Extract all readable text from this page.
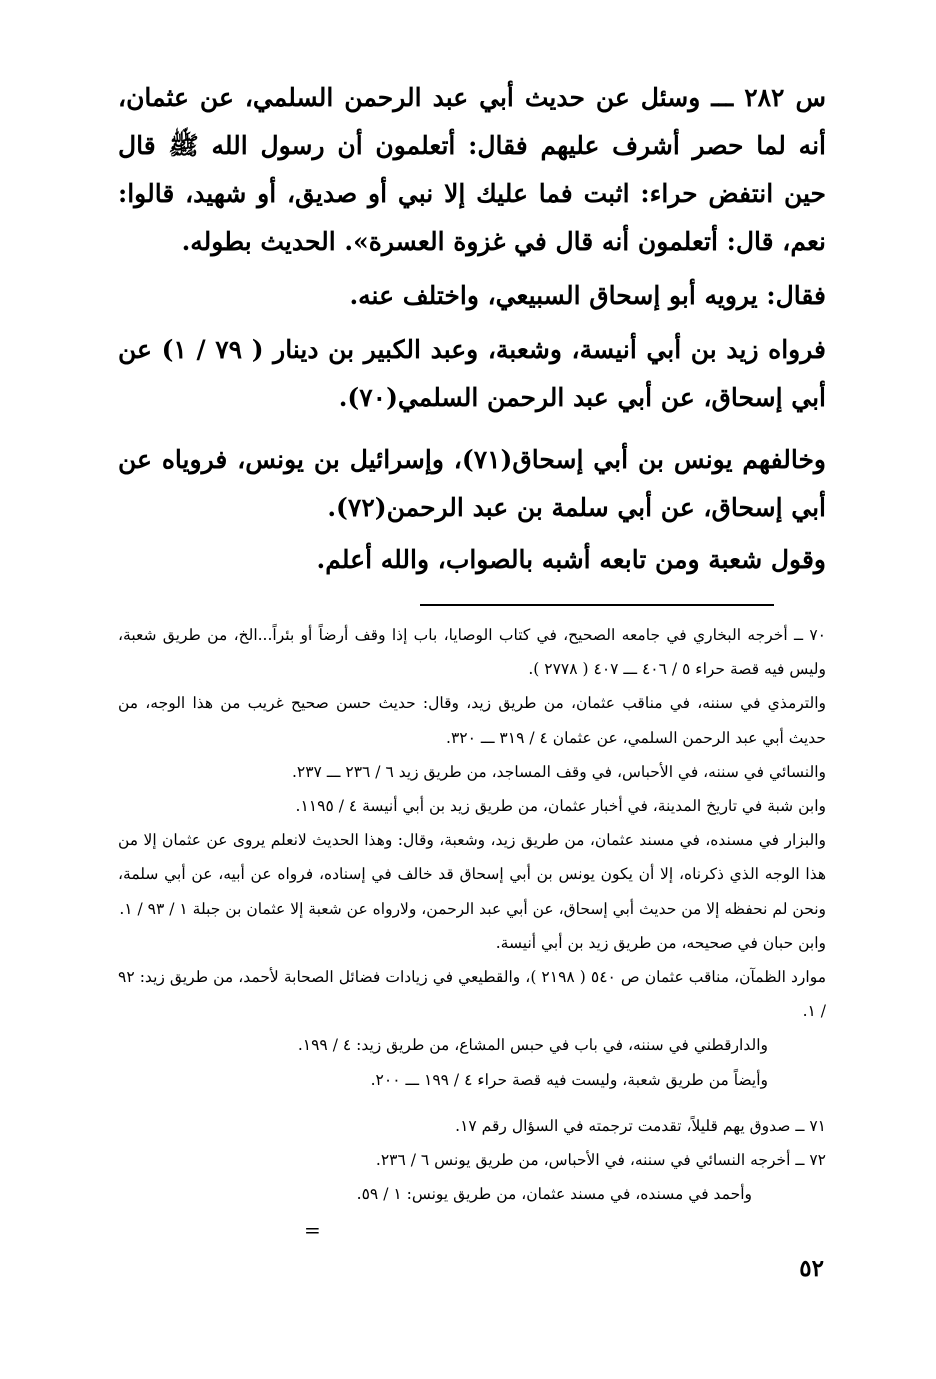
س ٢٨٢ ـــ وسئل عن حديث أبي عبد الرحمن السلمي، عن عثمان، أنه لما حصر أشرف عليهم فقال: أتعلمون أن رسول الله ﷺ قال حين انتفض حراء: اثبت فما عليك إلا نبي أو صديق، أو شهيد، قالوا: نعم، قال: أتعلمون أنه قال في غزوة العسرة». الحديث بطوله.

فقال: يرويه أبو إسحاق السبيعي، واختلف عنه.

فرواه زيد بن أبي أنيسة، وشعبة، وعبد الكبير بن دينار ( ٧٩ / ١) عن أبي إسحاق، عن أبي عبد الرحمن السلمي(٧٠).

وخالفهم يونس بن أبي إسحاق(٧١)، وإسرائيل بن يونس، فروياه عن أبي إسحاق، عن أبي سلمة بن عبد الرحمن(٧٢).

وقول شعبة ومن تابعه أشبه بالصواب، والله أعلم.

٧٠ ــ أخرجه البخاري في جامعه الصحيح، في كتاب الوصايا، باب إذا وقف أرضاً أو بئراً...الخ، من طريق شعبة، وليس فيه قصة حراء ٥ / ٤٠٦ ـــ ٤٠٧ ( ٢٧٧٨ ).

والترمذي في سننه، في مناقب عثمان، من طريق زيد، وقال: حديث حسن صحيح غريب من هذا الوجه، من حديث أبي عبد الرحمن السلمي، عن عثمان ٤ / ٣١٩ ـــ ٣٢٠.

والنسائي في سننه، في الأحباس، في وقف المساجد، من طريق زيد ٦ / ٢٣٦ ـــ ٢٣٧.

وابن شبة في تاريخ المدينة، في أخبار عثمان، من طريق زيد بن أبي أنيسة ٤ / ١١٩٥.

والبزار في مسنده، في مسند عثمان، من طريق زيد، وشعبة، وقال: وهذا الحديث لانعلم يروى عن عثمان إلا من هذا الوجه الذي ذكرناه، إلا أن يكون يونس بن أبي إسحاق قد خالف في إسناده، فرواه عن أبيه، عن أبي سلمة، ونحن لم نحفظه إلا من حديث أبي إسحاق، عن أبي عبد الرحمن، ولارواه عن شعبة إلا عثمان بن جبلة ١ / ٩٣ / ١.

وابن حبان في صحيحه، من طريق زيد بن أبي أنيسة.

موارد الظمآن، مناقب عثمان ص ٥٤٠ ( ٢١٩٨ )، والقطيعي في زيادات فضائل الصحابة لأحمد، من طريق زيد: ٩٢ / ١.

والدارقطني في سننه، في باب في حبس المشاع، من طريق زيد: ٤ / ١٩٩.

وأيضاً من طريق شعبة، وليست فيه قصة حراء ٤ / ١٩٩ ـــ ٢٠٠.

٧١ ــ صدوق يهم قليلاً، تقدمت ترجمته في السؤال رقم ١٧.

٧٢ ــ أخرجه النسائي في سننه، في الأحباس، من طريق يونس ٦ / ٢٣٦.

وأحمد في مسنده، في مسند عثمان، من طريق يونس: ١ / ٥٩.

=
٥٢
